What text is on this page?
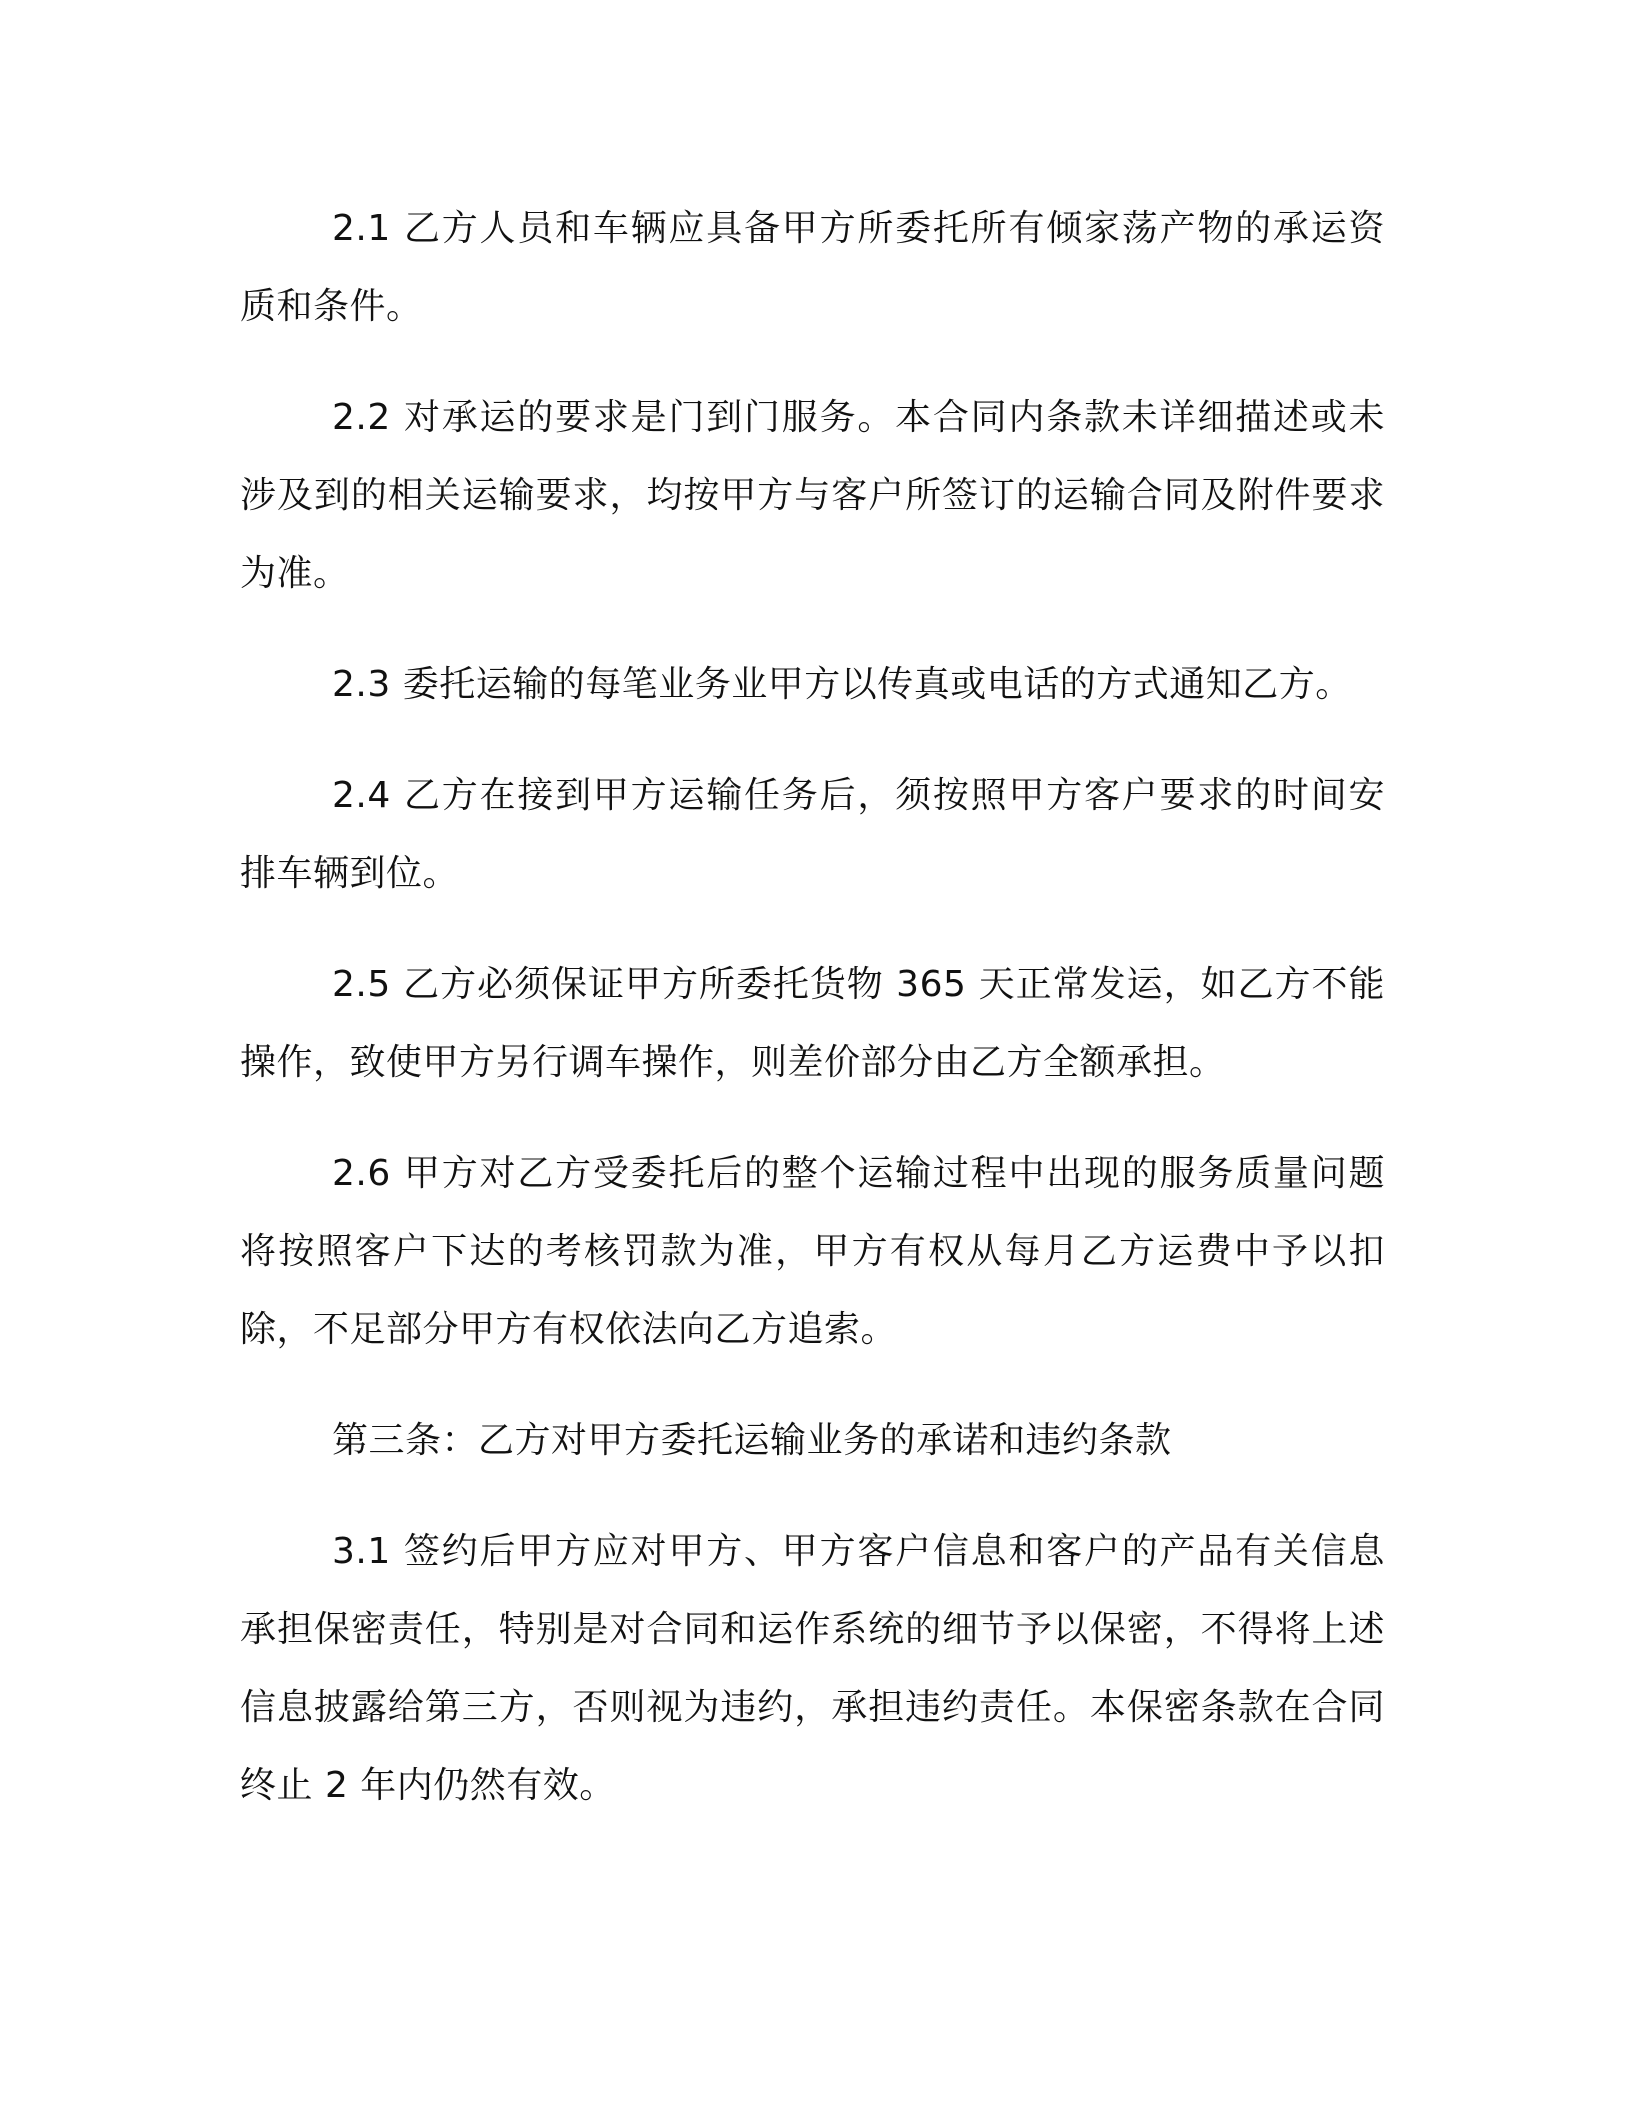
2.1 乙方人员和车辆应具备甲方所委托所有倾家荡产物的承运资质和条件。

2.2 对承运的要求是门到门服务。本合同内条款未详细描述或未涉及到的相关运输要求，均按甲方与客户所签订的运输合同及附件要求为准。

2.3 委托运输的每笔业务业甲方以传真或电话的方式通知乙方。

2.4 乙方在接到甲方运输任务后，须按照甲方客户要求的时间安排车辆到位。

2.5 乙方必须保证甲方所委托货物 365 天正常发运，如乙方不能操作，致使甲方另行调车操作，则差价部分由乙方全额承担。

2.6 甲方对乙方受委托后的整个运输过程中出现的服务质量问题将按照客户下达的考核罚款为准，甲方有权从每月乙方运费中予以扣除，不足部分甲方有权依法向乙方追索。

第三条：乙方对甲方委托运输业务的承诺和违约条款

3.1 签约后甲方应对甲方、甲方客户信息和客户的产品有关信息承担保密责任，特别是对合同和运作系统的细节予以保密，不得将上述信息披露给第三方，否则视为违约，承担违约责任。本保密条款在合同终止 2 年内仍然有效。
